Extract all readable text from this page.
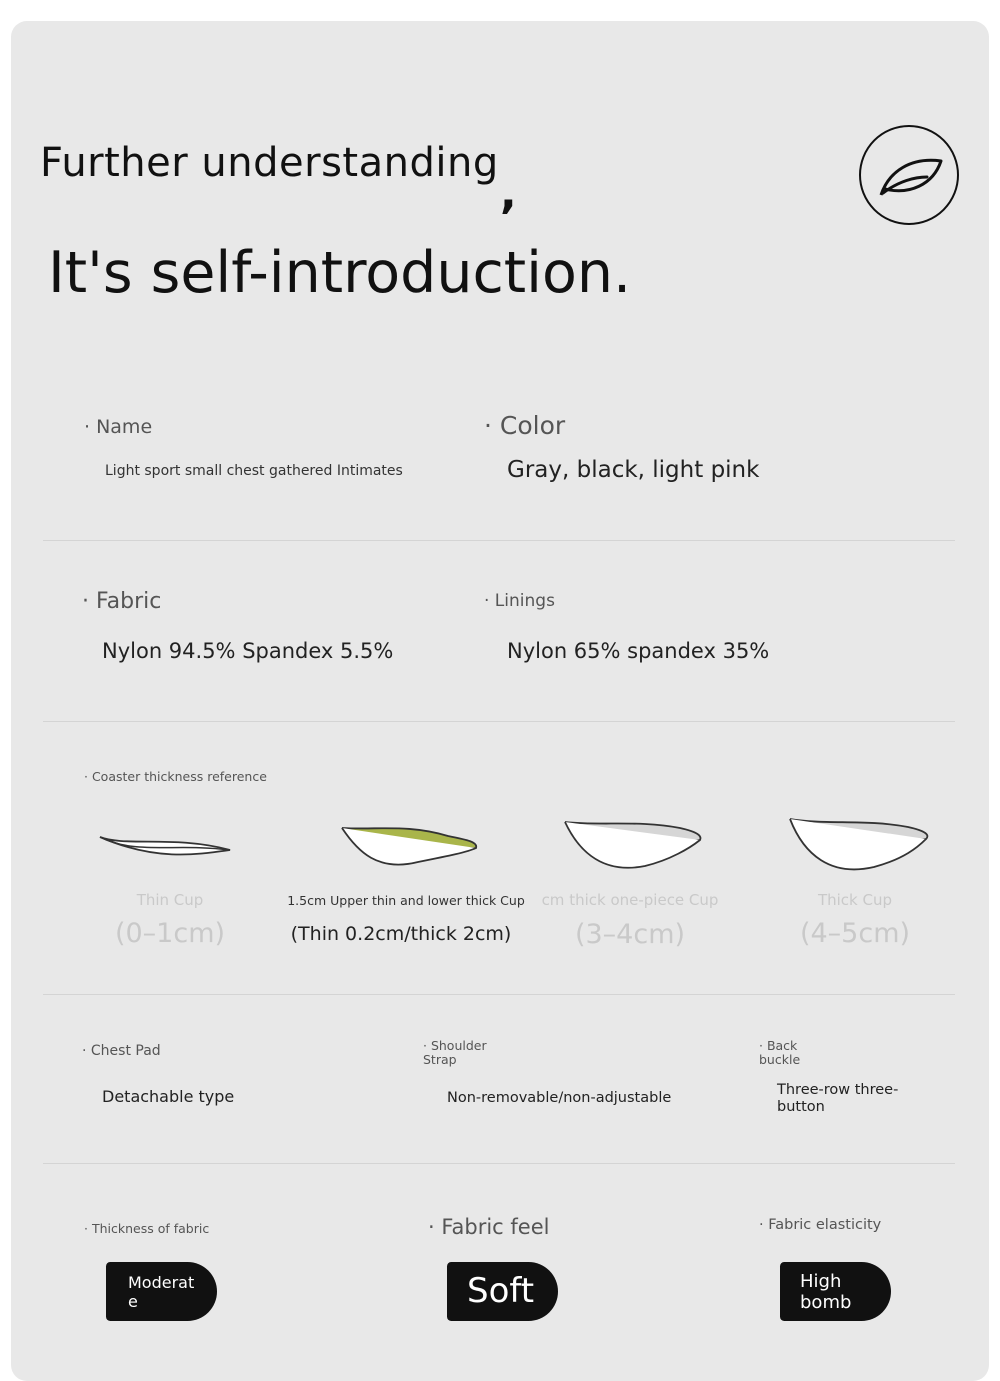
Further understanding
,
It's self-introduction.
· Name
Light sport small chest gathered Intimates
· Color
Gray, black, light pink
· Fabric
Nylon 94.5% Spandex 5.5%
· Linings
Nylon 65% spandex 35%
· Coaster thickness reference
Thin Cup
(0–1cm)
1.5cm Upper thin and lower thick Cup
(Thin 0.2cm/thick 2cm)
cm thick one-piece Cup
(3–4cm)
Thick Cup
(4–5cm)
· Chest Pad
Detachable type
· Shoulder
Strap
Non-removable/non-adjustable
· Back
buckle
Three-row three-
button
· Thickness of fabric
Moderat
e
· Fabric feel
Soft
· Fabric elasticity
High
bomb
